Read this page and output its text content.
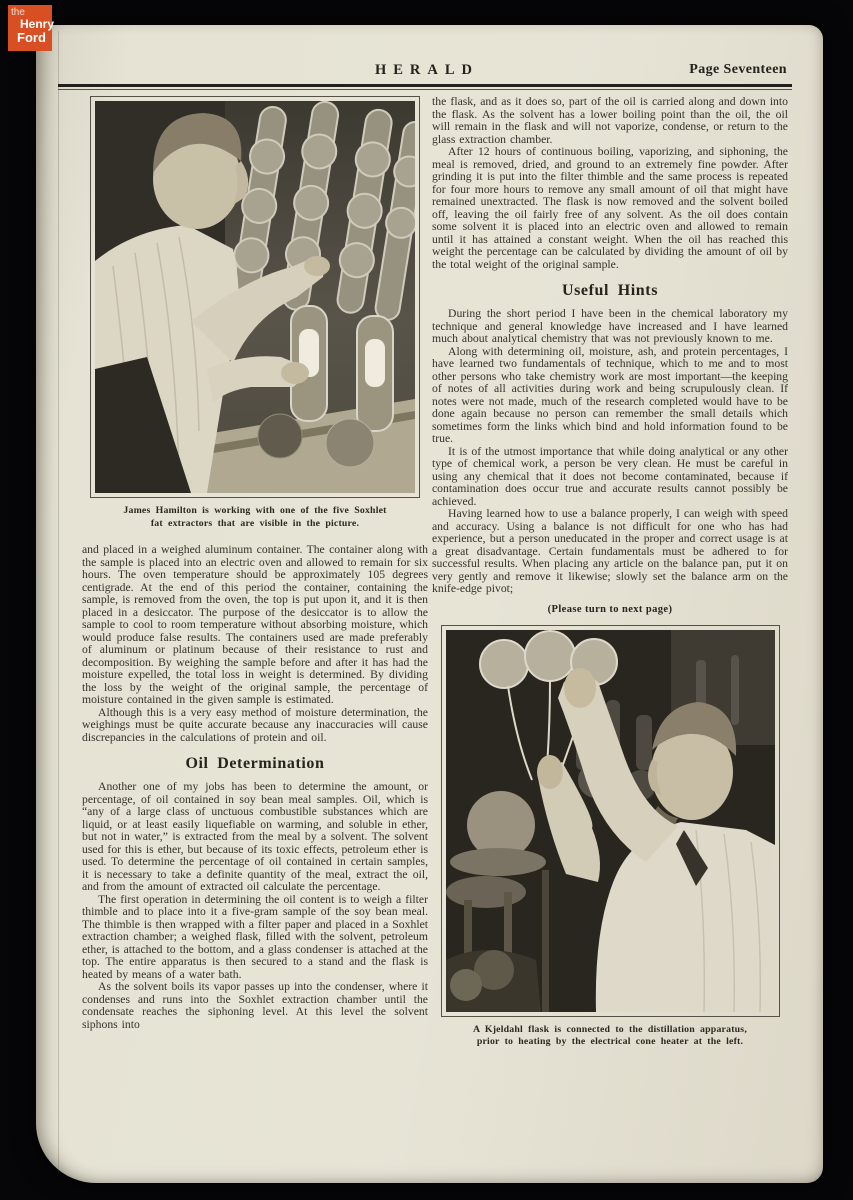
the
Henry
Ford
HERALD	Page Seventeen

James Hamilton is working with one of the five Soxhlet
fat extractors that are visible in the picture.

and placed in a weighed aluminum container. The container along with the sample is placed into an electric oven and allowed to remain for six hours. The oven temperature should be approximately 105 degrees centigrade. At the end of this period the container, containing the sample, is removed from the oven, the top is put upon it, and it is then placed in a desiccator. The purpose of the desiccator is to allow the sample to cool to room temperature without absorbing moisture, which would produce false results. The containers used are made preferably of aluminum or platinum because of their resistance to rust and decomposition. By weighing the sample before and after it has had the moisture expelled, the total loss in weight is determined. By dividing the loss by the weight of the original sample, the percentage of moisture contained in the given sample is estimated.

Although this is a very easy method of moisture determination, the weighings must be quite accurate because any inaccuracies will cause discrepancies in the calculations of protein and oil.

Oil Determination

Another one of my jobs has been to determine the amount, or percentage, of oil contained in soy bean meal samples. Oil, which is “any of a large class of unctuous combustible substances which are liquid, or at least easily liquefiable on warming, and soluble in ether, but not in water,” is extracted from the meal by a solvent. The solvent used for this is ether, but because of its toxic effects, petroleum ether is used. To determine the percentage of oil contained in certain samples, it is necessary to take a definite quantity of the meal, extract the oil, and from the amount of extracted oil calculate the percentage.

The first operation in determining the oil content is to weigh a filter thimble and to place into it a five-gram sample of the soy bean meal. The thimble is then wrapped with a filter paper and placed in a Soxhlet extraction chamber; a weighed flask, filled with the solvent, petroleum ether, is attached to the bottom, and a glass condenser is attached at the top. The entire apparatus is then secured to a stand and the flask is heated by means of a water bath.

As the solvent boils its vapor passes up into the condenser, where it condenses and runs into the Soxhlet extraction chamber until the condensate reaches the siphoning level. At this level the solvent siphons into

the flask, and as it does so, part of the oil is carried along and down into the flask. As the solvent has a lower boiling point than the oil, the oil will remain in the flask and will not vaporize, condense, or return to the glass extraction chamber.

After 12 hours of continuous boiling, vaporizing, and siphoning, the meal is removed, dried, and ground to an extremely fine powder. After grinding it is put into the filter thimble and the same process is repeated for four more hours to remove any small amount of oil that might have remained unextracted. The flask is now removed and the solvent boiled off, leaving the oil fairly free of any solvent. As the oil does contain some solvent it is placed into an electric oven and allowed to remain until it has attained a constant weight. When the oil has reached this weight the percentage can be calculated by dividing the amount of oil by the total weight of the original sample.

Useful Hints

During the short period I have been in the chemical laboratory my technique and general knowledge have increased and I have learned much about analytical chemistry that was not previously known to me.

Along with determining oil, moisture, ash, and protein percentages, I have learned two fundamentals of technique, which to me and to most other persons who take chemistry work are most important—the keeping of notes of all activities during work and being scrupulously clean. If notes were not made, much of the research completed would have to be done again because no person can remember the small details which sometimes form the links which bind and hold information found to be true.

It is of the utmost importance that while doing analytical or any other type of chemical work, a person be very clean. He must be careful in using any chemical that it does not become contaminated, because if contamination does occur true and accurate results cannot possibly be achieved.

Having learned how to use a balance properly, I can weigh with speed and accuracy. Using a balance is not difficult for one who has had experience, but a person uneducated in the proper and correct usage is at a great disadvantage. Certain fundamentals must be adhered to for successful results. When placing any article on the balance pan, put it on very gently and remove it likewise; slowly set the balance arm on the knife-edge pivot;

(Please turn to next page)

A Kjeldahl flask is connected to the distillation apparatus,
prior to heating by the electrical cone heater at the left.
